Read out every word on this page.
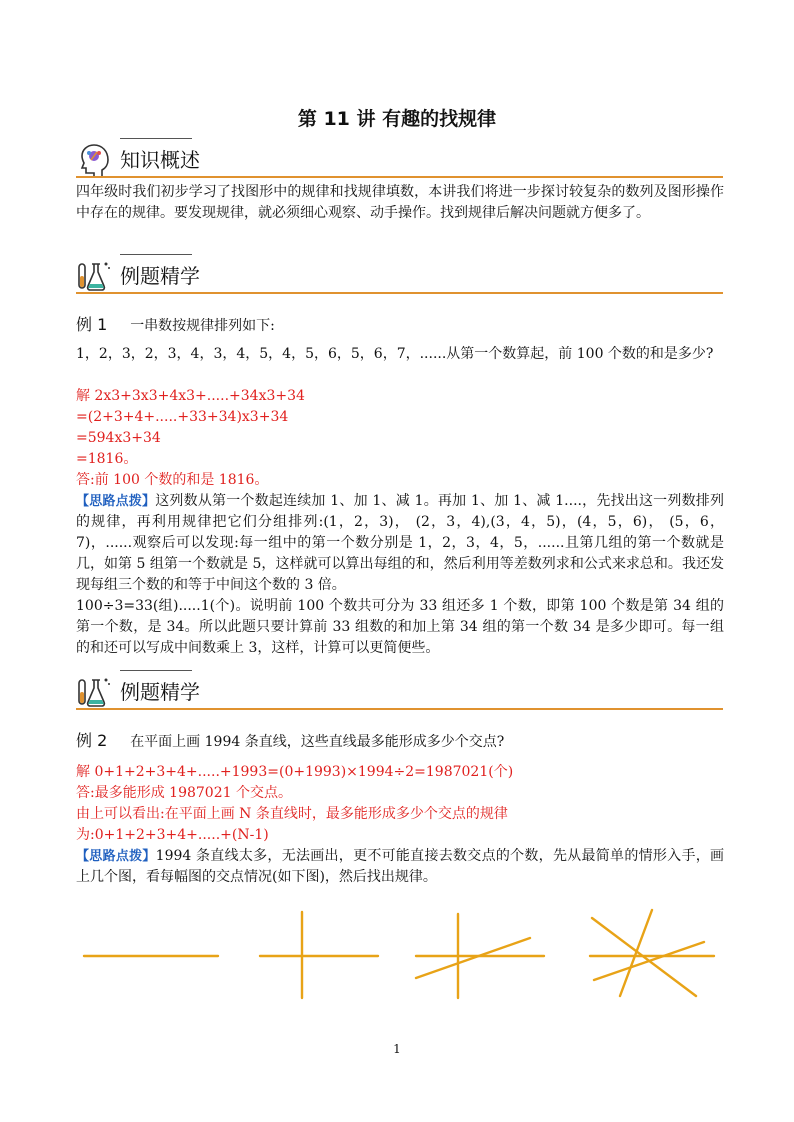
第 11 讲 有趣的找规律
知识概述
四年级时我们初步学习了找图形中的规律和找规律填数，本讲我们将进一步探讨较复杂的数列及图形操作中存在的规律。要发现规律，就必须细心观察、动手操作。找到规律后解决问题就方便多了。
例题精学
例 1 一串数按规律排列如下:
1，2，3，2，3，4，3，4，5，4，5，6，5，6，7，......从第一个数算起，前 100 个数的和是多少?
解 2x3+3x3+4x3+.....+34x3+34
=(2+3+4+.....+33+34)x3+34
=594x3+34
=1816。
答:前 100 个数的和是 1816。
【思路点拨】这列数从第一个数起连续加 1、加 1、减 1。再加 1、加 1、减 1....，先找出这一列数排列的规律，再利用规律把它们分组排列:(1，2，3)， (2，3，4),(3，4，5)，(4，5，6)， (5，6，7)，......观察后可以发现:每一组中的第一个数分别是 1，2，3，4，5，......且第几组的第一个数就是几，如第 5 组第一个数就是 5，这样就可以算出每组的和，然后利用等差数列求和公式来求总和。我还发现每组三个数的和等于中间这个数的 3 倍。
100÷3=33(组).....1(个)。说明前 100 个数共可分为 33 组还多 1 个数，即第 100 个数是第 34 组的第一个数，是 34。所以此题只要计算前 33 组数的和加上第 34 组的第一个数 34 是多少即可。每一组的和还可以写成中间数乘上 3，这样，计算可以更简便些。
例题精学
例 2 在平面上画 1994 条直线，这些直线最多能形成多少个交点?
解 0+1+2+3+4+.....+1993=(0+1993)×1994÷2=1987021(个)
答:最多能形成 1987021 个交点。
由上可以看出:在平面上画 N 条直线时，最多能形成多少个交点的规律
为:0+1+2+3+4+.....+(N-1)
【思路点拨】1994 条直线太多，无法画出，更不可能直接去数交点的个数，先从最简单的情形入手，画上几个图，看每幅图的交点情况(如下图)，然后找出规律。
1
